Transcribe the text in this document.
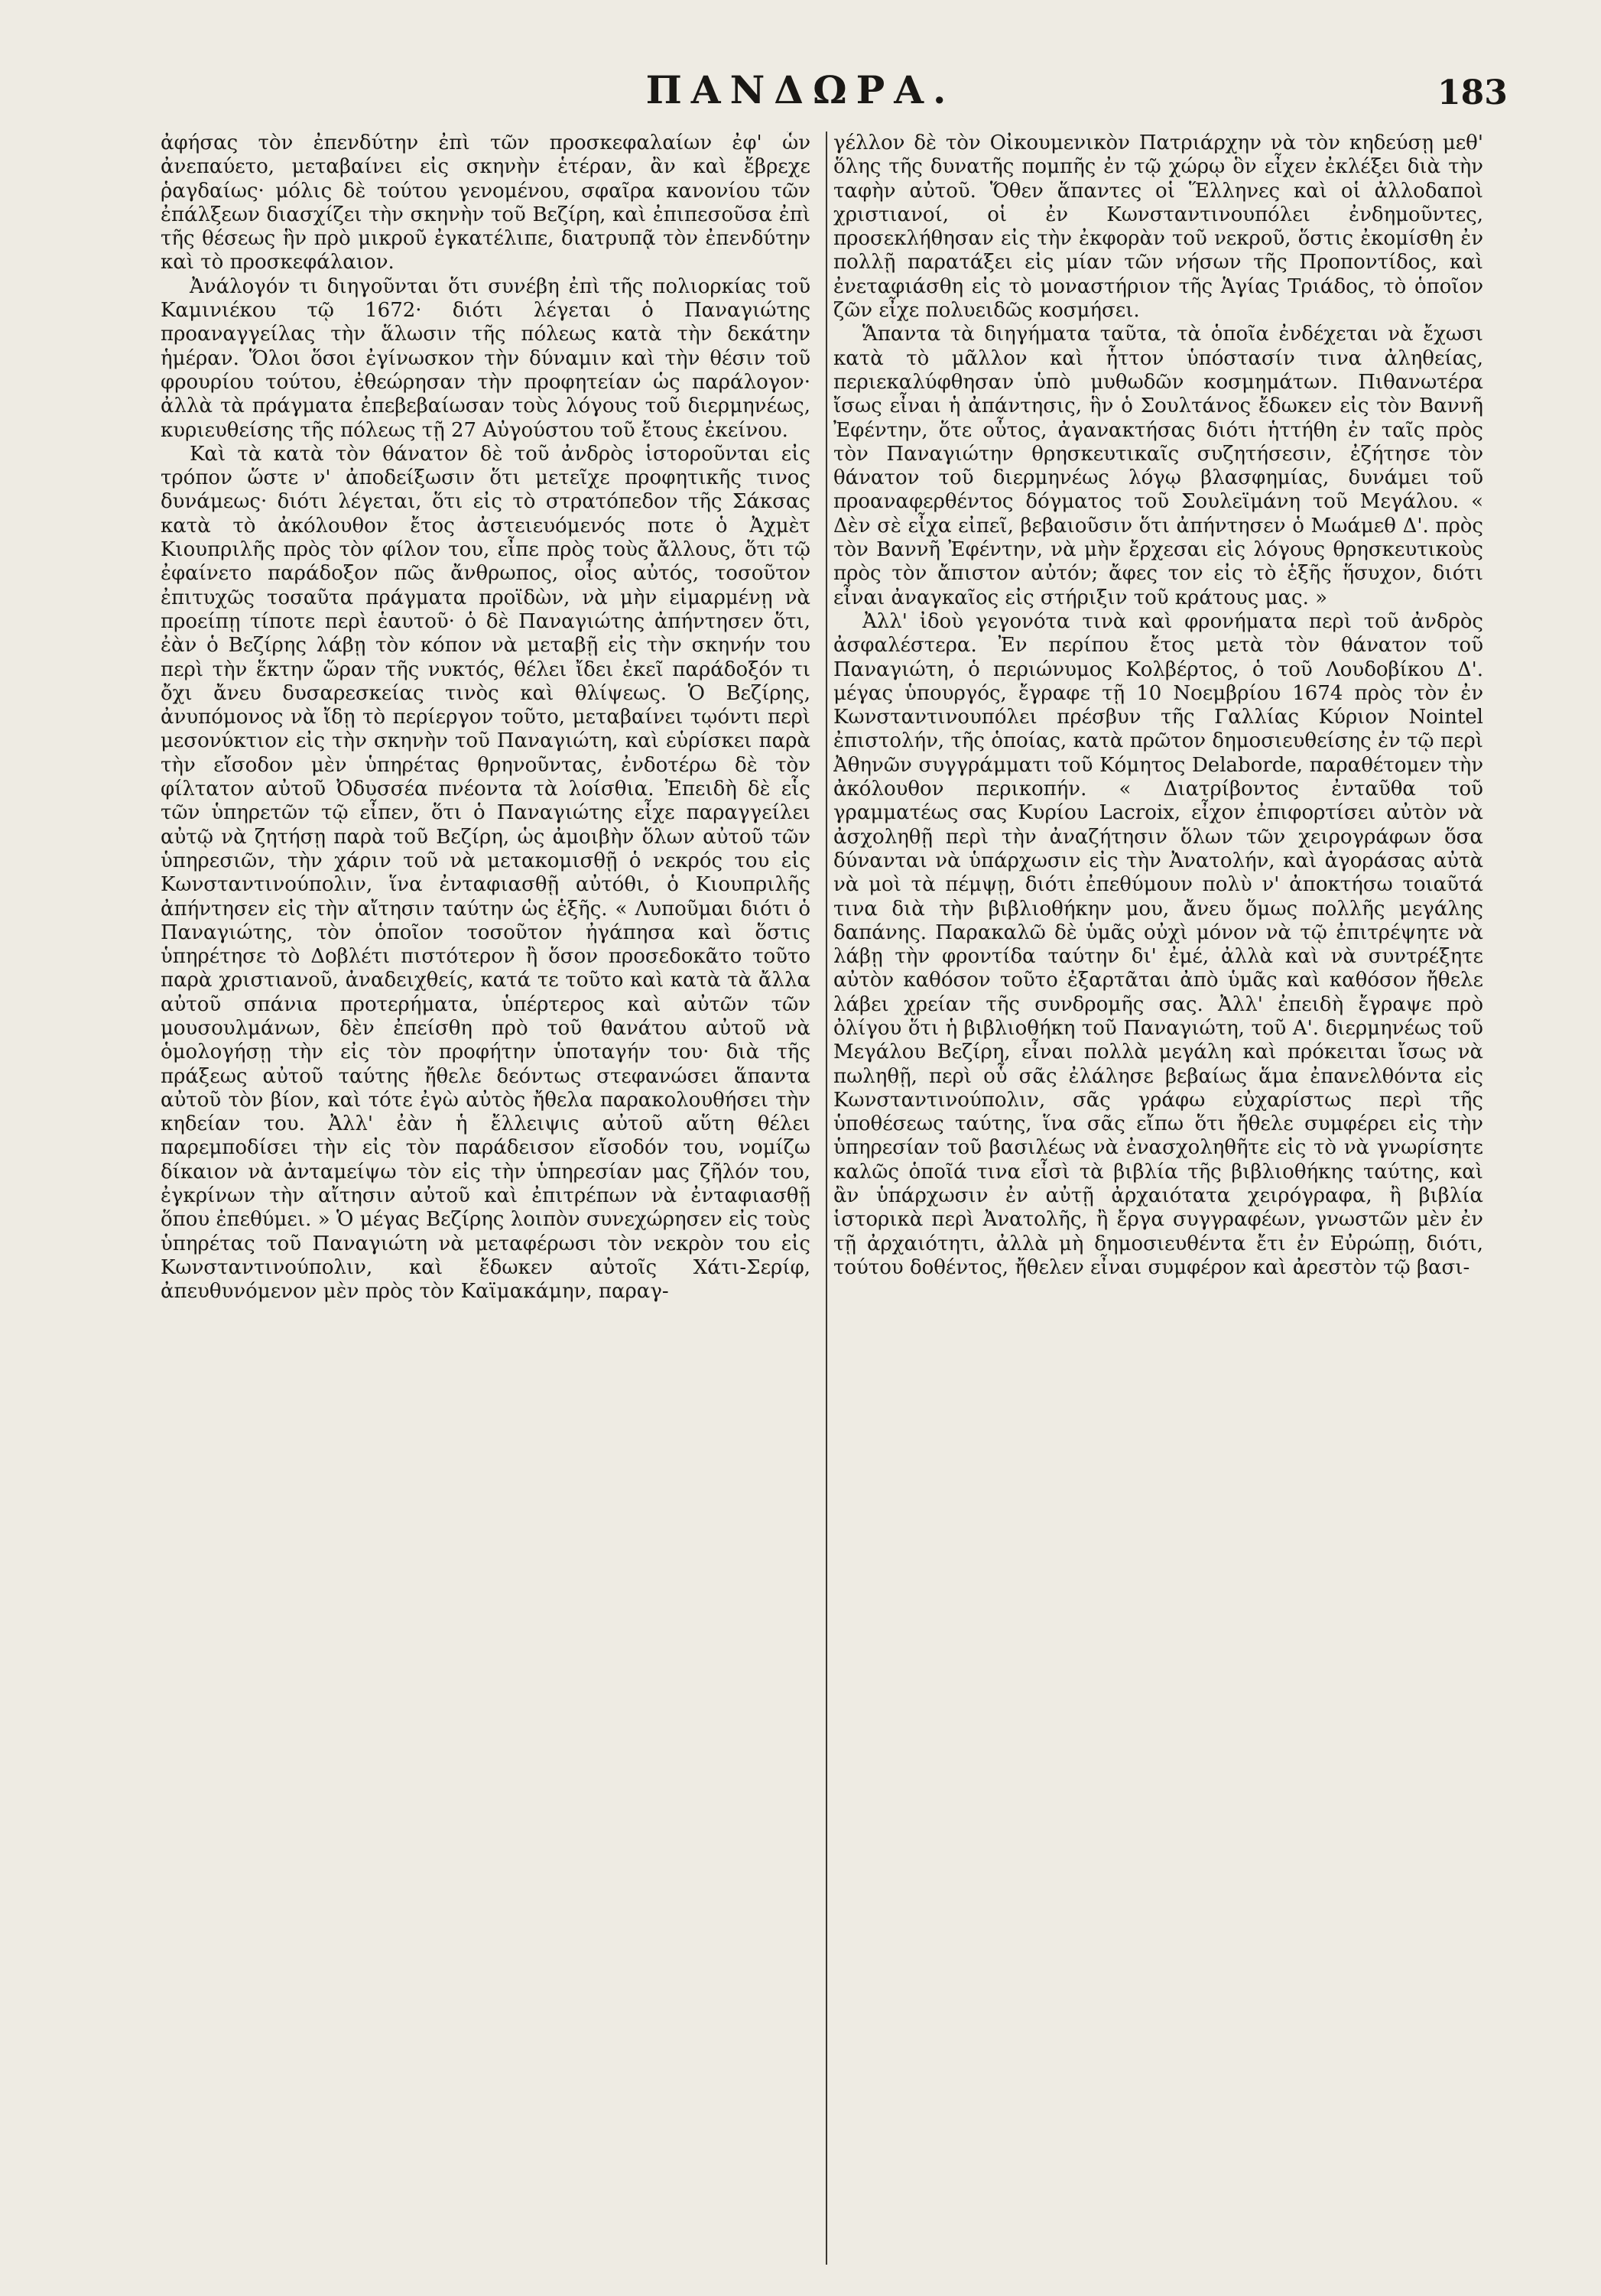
ΠΑΝΔΩΡΑ.	183

ἀφήσας τὸν ἐπενδύτην ἐπὶ τῶν προσκεφαλαίων ἐφ' ὧν ἀνεπαύετο, μεταβαίνει εἰς σκηνὴν ἑτέραν, ἂν καὶ ἔβρεχε ῥαγδαίως· μόλις δὲ τούτου γενομένου, σφαῖρα κανονίου τῶν ἐπάλξεων διασχίζει τὴν σκηνὴν τοῦ Βεζίρη, καὶ ἐπιπεσοῦσα ἐπὶ τῆς θέσεως ἣν πρὸ μικροῦ ἐγκατέλιπε, διατρυπᾷ τὸν ἐπενδύτην καὶ τὸ προσκεφάλαιον.

Ἀνάλογόν τι διηγοῦνται ὅτι συνέβη ἐπὶ τῆς πολιορκίας τοῦ Καμινιέκου τῷ 1672· διότι λέγεται ὁ Παναγιώτης προαναγγείλας τὴν ἅλωσιν τῆς πόλεως κατὰ τὴν δεκάτην ἡμέραν. Ὅλοι ὅσοι ἐγίνωσκον τὴν δύναμιν καὶ τὴν θέσιν τοῦ φρουρίου τούτου, ἐθεώρησαν τὴν προφητείαν ὡς παράλογον· ἀλλὰ τὰ πράγματα ἐπεβεβαίωσαν τοὺς λόγους τοῦ διερμηνέως, κυριευθείσης τῆς πόλεως τῇ 27 Αὐγούστου τοῦ ἔτους ἐκείνου.

Καὶ τὰ κατὰ τὸν θάνατον δὲ τοῦ ἀνδρὸς ἱστοροῦνται εἰς τρόπον ὥστε ν' ἀποδείξωσιν ὅτι μετεῖχε προφητικῆς τινος δυνάμεως· διότι λέγεται, ὅτι εἰς τὸ στρατόπεδον τῆς Σάκσας κατὰ τὸ ἀκόλουθον ἔτος ἀστειευόμενός ποτε ὁ Ἀχμὲτ Κιουπριλῆς πρὸς τὸν φίλον του, εἶπε πρὸς τοὺς ἄλλους, ὅτι τῷ ἐφαίνετο παράδοξον πῶς ἄνθρωπος, οἷος αὐτός, τοσοῦτον ἐπιτυχῶς τοσαῦτα πράγματα προϊδὼν, νὰ μὴν εἱμαρμένῃ νὰ προείπῃ τίποτε περὶ ἑαυτοῦ· ὁ δὲ Παναγιώτης ἀπήντησεν ὅτι, ἐὰν ὁ Βεζίρης λάβῃ τὸν κόπον νὰ μεταβῇ εἰς τὴν σκηνήν του περὶ τὴν ἕκτην ὥραν τῆς νυκτός, θέλει ἴδει ἐκεῖ παράδοξόν τι ὄχι ἄνευ δυσαρεσκείας τινὸς καὶ θλίψεως. Ὁ Βεζίρης, ἀνυπόμονος νὰ ἴδῃ τὸ περίεργον τοῦτο, μεταβαίνει τῳόντι περὶ μεσονύκτιον εἰς τὴν σκηνὴν τοῦ Παναγιώτη, καὶ εὑρίσκει παρὰ τὴν εἴσοδον μὲν ὑπηρέτας θρηνοῦντας, ἐνδοτέρω δὲ τὸν φίλτατον αὐτοῦ Ὀδυσσέα πνέοντα τὰ λοίσθια. Ἐπειδὴ δὲ εἷς τῶν ὑπηρετῶν τῷ εἶπεν, ὅτι ὁ Παναγιώτης εἶχε παραγγείλει αὐτῷ νὰ ζητήσῃ παρὰ τοῦ Βεζίρη, ὡς ἀμοιβὴν ὅλων αὐτοῦ τῶν ὑπηρεσιῶν, τὴν χάριν τοῦ νὰ μετακομισθῇ ὁ νεκρός του εἰς Κωνσταντινούπολιν, ἵνα ἐνταφιασθῇ αὐτόθι, ὁ Κιουπριλῆς ἀπήντησεν εἰς τὴν αἴτησιν ταύτην ὡς ἑξῆς. « Λυποῦμαι διότι ὁ Παναγιώτης, τὸν ὁποῖον τοσοῦτον ἠγάπησα καὶ ὅστις ὑπηρέτησε τὸ Δοβλέτι πιστότερον ἢ ὅσον προσεδοκᾶτο τοῦτο παρὰ χριστιανοῦ, ἀναδειχθείς, κατά τε τοῦτο καὶ κατὰ τὰ ἄλλα αὐτοῦ σπάνια προτερήματα, ὑπέρτερος καὶ αὐτῶν τῶν μουσουλμάνων, δὲν ἐπείσθη πρὸ τοῦ θανάτου αὐτοῦ νὰ ὁμολογήσῃ τὴν εἰς τὸν προφήτην ὑποταγήν του· διὰ τῆς πράξεως αὐτοῦ ταύτης ἤθελε δεόντως στεφανώσει ἅπαντα αὐτοῦ τὸν βίον, καὶ τότε ἐγὼ αὐτὸς ἤθελα παρακολουθήσει τὴν κηδείαν του. Ἀλλ' ἐὰν ἡ ἔλλειψις αὐτοῦ αὕτη θέλει παρεμποδίσει τὴν εἰς τὸν παράδεισον εἴσοδόν του, νομίζω δίκαιον νὰ ἀνταμείψω τὸν εἰς τὴν ὑπηρεσίαν μας ζῆλόν του, ἐγκρίνων τὴν αἴτησιν αὐτοῦ καὶ ἐπιτρέπων νὰ ἐνταφιασθῇ ὅπου ἐπεθύμει. » Ὁ μέγας Βεζίρης λοιπὸν συνεχώρησεν εἰς τοὺς ὑπηρέτας τοῦ Παναγιώτη νὰ μεταφέρωσι τὸν νεκρὸν του εἰς Κωνσταντινούπολιν, καὶ ἔδωκεν αὐτοῖς Χάτι-Σερίφ, ἀπευθυνόμενον μὲν πρὸς τὸν Καϊμακάμην, παραγ-

γέλλον δὲ τὸν Οἰκουμενικὸν Πατριάρχην νὰ τὸν κηδεύσῃ μεθ' ὅλης τῆς δυνατῆς πομπῆς ἐν τῷ χώρῳ ὃν εἶχεν ἐκλέξει διὰ τὴν ταφὴν αὐτοῦ. Ὅθεν ἅπαντες οἱ Ἕλληνες καὶ οἱ ἀλλοδαποὶ χριστιανοί, οἱ ἐν Κωνσταντινουπόλει ἐνδημοῦντες, προσεκλήθησαν εἰς τὴν ἐκφορὰν τοῦ νεκροῦ, ὅστις ἐκομίσθη ἐν πολλῇ παρατάξει εἰς μίαν τῶν νήσων τῆς Προποντίδος, καὶ ἐνεταφιάσθη εἰς τὸ μοναστήριον τῆς Ἁγίας Τριάδος, τὸ ὁποῖον ζῶν εἶχε πολυειδῶς κοσμήσει.

Ἅπαντα τὰ διηγήματα ταῦτα, τὰ ὁποῖα ἐνδέχεται νὰ ἔχωσι κατὰ τὸ μᾶλλον καὶ ἧττον ὑπόστασίν τινα ἀληθείας, περιεκαλύφθησαν ὑπὸ μυθωδῶν κοσμημάτων. Πιθανωτέρα ἴσως εἶναι ἡ ἀπάντησις, ἣν ὁ Σουλτάνος ἔδωκεν εἰς τὸν Βαννῆ Ἐφέντην, ὅτε οὗτος, ἀγανακτήσας διότι ἡττήθη ἐν ταῖς πρὸς τὸν Παναγιώτην θρησκευτικαῖς συζητήσεσιν, ἐζήτησε τὸν θάνατον τοῦ διερμηνέως λόγῳ βλασφημίας, δυνάμει τοῦ προαναφερθέντος δόγματος τοῦ Σουλεϊμάνη τοῦ Μεγάλου. « Δὲν σὲ εἶχα εἰπεῖ, βεβαιοῦσιν ὅτι ἀπήντησεν ὁ Μωάμεθ Δ'. πρὸς τὸν Βαννῆ Ἐφέντην, νὰ μὴν ἔρχεσαι εἰς λόγους θρησκευτικοὺς πρὸς τὸν ἄπιστον αὐτόν; ἄφες τον εἰς τὸ ἑξῆς ἥσυχον, διότι εἶναι ἀναγκαῖος εἰς στήριξιν τοῦ κράτους μας. »

Ἀλλ' ἰδοὺ γεγονότα τινὰ καὶ φρονήματα περὶ τοῦ ἀνδρὸς ἀσφαλέστερα. Ἐν περίπου ἔτος μετὰ τὸν θάνατον τοῦ Παναγιώτη, ὁ περιώνυμος Κολβέρτος, ὁ τοῦ Λουδοβίκου Δ'. μέγας ὑπουργός, ἔγραφε τῇ 10 Νοεμβρίου 1674 πρὸς τὸν ἐν Κωνσταντινουπόλει πρέσβυν τῆς Γαλλίας Κύριον Nointel ἐπιστολήν, τῆς ὁποίας, κατὰ πρῶτον δημοσιευθείσης ἐν τῷ περὶ Ἀθηνῶν συγγράμματι τοῦ Κόμητος Delaborde, παραθέτομεν τὴν ἀκόλουθον περικοπήν. « Διατρίβοντος ἐνταῦθα τοῦ γραμματέως σας Κυρίου Lacroix, εἶχον ἐπιφορτίσει αὐτὸν νὰ ἀσχοληθῇ περὶ τὴν ἀναζήτησιν ὅλων τῶν χειρογράφων ὅσα δύνανται νὰ ὑπάρχωσιν εἰς τὴν Ἀνατολήν, καὶ ἀγοράσας αὐτὰ νὰ μοὶ τὰ πέμψῃ, διότι ἐπεθύμουν πολὺ ν' ἀποκτήσω τοιαῦτά τινα διὰ τὴν βιβλιοθήκην μου, ἄνευ ὅμως πολλῆς μεγάλης δαπάνης. Παρακαλῶ δὲ ὑμᾶς οὐχὶ μόνον νὰ τῷ ἐπιτρέψητε νὰ λάβῃ τὴν φροντίδα ταύτην δι' ἐμέ, ἀλλὰ καὶ νὰ συντρέξητε αὐτὸν καθόσον τοῦτο ἐξαρτᾶται ἀπὸ ὑμᾶς καὶ καθόσον ἤθελε λάβει χρείαν τῆς συνδρομῆς σας. Ἀλλ' ἐπειδὴ ἔγραψε πρὸ ὀλίγου ὅτι ἡ βιβλιοθήκη τοῦ Παναγιώτη, τοῦ Α'. διερμηνέως τοῦ Μεγάλου Βεζίρη, εἶναι πολλὰ μεγάλη καὶ πρόκειται ἴσως νὰ πωληθῇ, περὶ οὗ σᾶς ἐλάλησε βεβαίως ἅμα ἐπανελθόντα εἰς Κωνσταντινούπολιν, σᾶς γράφω εὐχαρίστως περὶ τῆς ὑποθέσεως ταύτης, ἵνα σᾶς εἴπω ὅτι ἤθελε συμφέρει εἰς τὴν ὑπηρεσίαν τοῦ βασιλέως νὰ ἐνασχοληθῆτε εἰς τὸ νὰ γνωρίσητε καλῶς ὁποῖά τινα εἶσὶ τὰ βιβλία τῆς βιβλιοθήκης ταύτης, καὶ ἂν ὑπάρχωσιν ἐν αὐτῇ ἀρχαιότατα χειρόγραφα, ἢ βιβλία ἱστορικὰ περὶ Ἀνατολῆς, ἢ ἔργα συγγραφέων, γνωστῶν μὲν ἐν τῇ ἀρχαιότητι, ἀλλὰ μὴ δημοσιευθέντα ἔτι ἐν Εὐρώπῃ, διότι, τούτου δοθέντος, ἤθελεν εἶναι συμφέρον καὶ ἀρεστὸν τῷ βασι-
